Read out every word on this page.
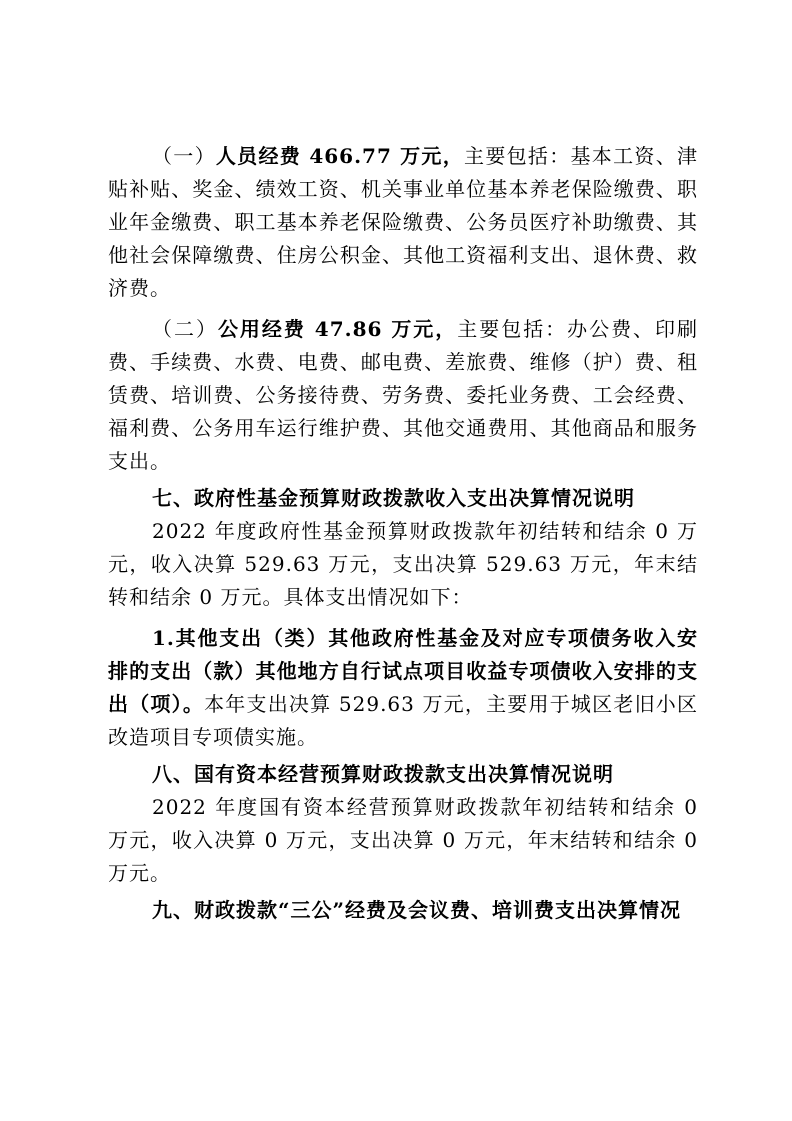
（一）人员经费 466.77 万元，主要包括：基本工资、津贴补贴、奖金、绩效工资、机关事业单位基本养老保险缴费、职业年金缴费、职工基本养老保险缴费、公务员医疗补助缴费、其他社会保障缴费、住房公积金、其他工资福利支出、退休费、救济费。

（二）公用经费 47.86 万元，主要包括：办公费、印刷费、手续费、水费、电费、邮电费、差旅费、维修（护）费、租赁费、培训费、公务接待费、劳务费、委托业务费、工会经费、福利费、公务用车运行维护费、其他交通费用、其他商品和服务支出。

七、政府性基金预算财政拨款收入支出决算情况说明

2022 年度政府性基金预算财政拨款年初结转和结余 0 万元，收入决算 529.63 万元，支出决算 529.63 万元，年末结转和结余 0 万元。具体支出情况如下：

1.其他支出（类）其他政府性基金及对应专项债务收入安排的支出（款）其他地方自行试点项目收益专项债收入安排的支出（项）。本年支出决算 529.63 万元，主要用于城区老旧小区改造项目专项债实施。

八、国有资本经营预算财政拨款支出决算情况说明

2022 年度国有资本经营预算财政拨款年初结转和结余 0 万元，收入决算 0 万元，支出决算 0 万元，年末结转和结余 0 万元。

九、财政拨款“三公”经费及会议费、培训费支出决算情况
